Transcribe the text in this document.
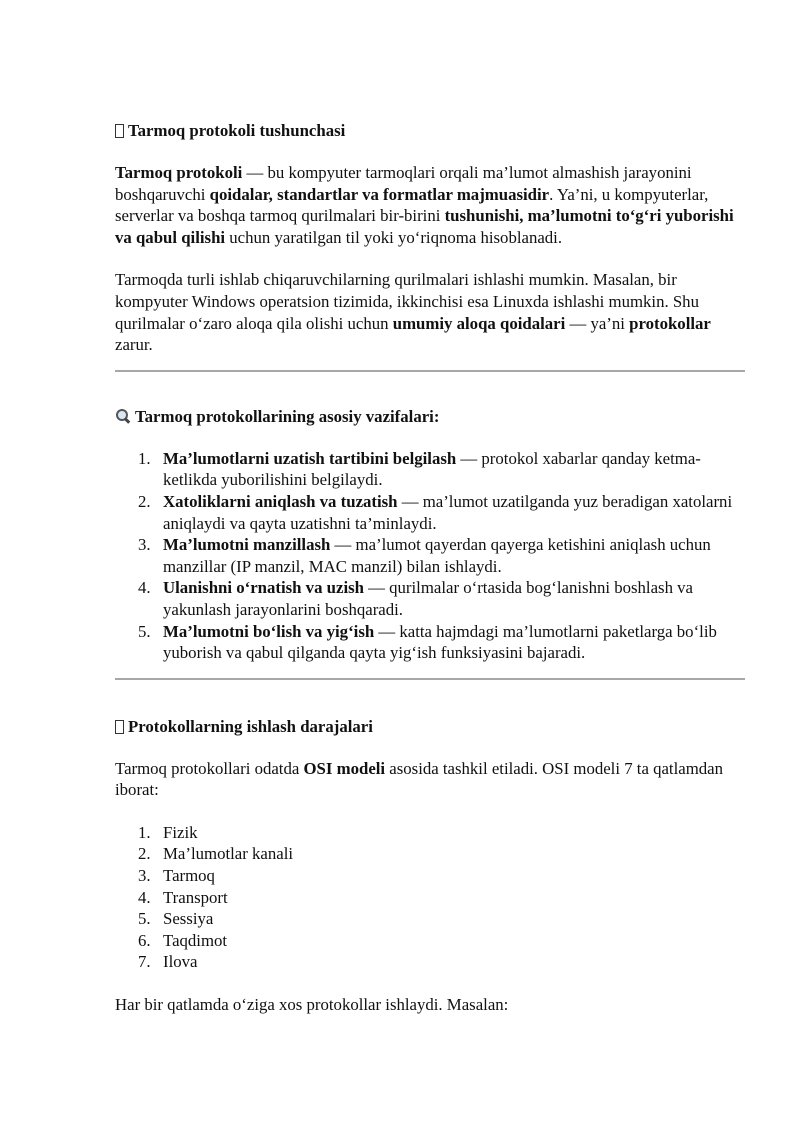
Tarmoq protokoli tushunchasi

Tarmoq protokoli — bu kompyuter tarmoqlari orqali ma’lumot almashish jarayonini boshqaruvchi qoidalar, standartlar va formatlar majmuasidir. Ya’ni, u kompyuterlar, serverlar va boshqa tarmoq qurilmalari bir-birini tushunishi, ma’lumotni to‘g‘ri yuborishi va qabul qilishi uchun yaratilgan til yoki yo‘riqnoma hisoblanadi.

Tarmoqda turli ishlab chiqaruvchilarning qurilmalari ishlashi mumkin. Masalan, bir kompyuter Windows operatsion tizimida, ikkinchisi esa Linuxda ishlashi mumkin. Shu qurilmalar o‘zaro aloqa qila olishi uchun umumiy aloqa qoidalari — ya’ni protokollar zarur.

Tarmoq protokollarining asosiy vazifalari:
1. Ma’lumotlarni uzatish tartibini belgilash — protokol xabarlar qanday ketma-ketlikda yuborilishini belgilaydi.
2. Xatoliklarni aniqlash va tuzatish — ma’lumot uzatilganda yuz beradigan xatolarni aniqlaydi va qayta uzatishni ta’minlaydi.
3. Ma’lumotni manzillash — ma’lumot qayerdan qayerga ketishini aniqlash uchun manzillar (IP manzil, MAC manzil) bilan ishlaydi.
4. Ulanishni o‘rnatish va uzish — qurilmalar o‘rtasida bog‘lanishni boshlash va yakunlash jarayonlarini boshqaradi.
5. Ma’lumotni bo‘lish va yig‘ish — katta hajmdagi ma’lumotlarni paketlarga bo‘lib yuborish va qabul qilganda qayta yig‘ish funksiyasini bajaradi.
Protokollarning ishlash darajalari

Tarmoq protokollari odatda OSI modeli asosida tashkil etiladi. OSI modeli 7 ta qatlamdan iborat:

1. Fizik
2. Ma’lumotlar kanali
3. Tarmoq
4. Transport
5. Sessiya
6. Taqdimot
7. Ilova

Har bir qatlamda o‘ziga xos protokollar ishlaydi. Masalan:
